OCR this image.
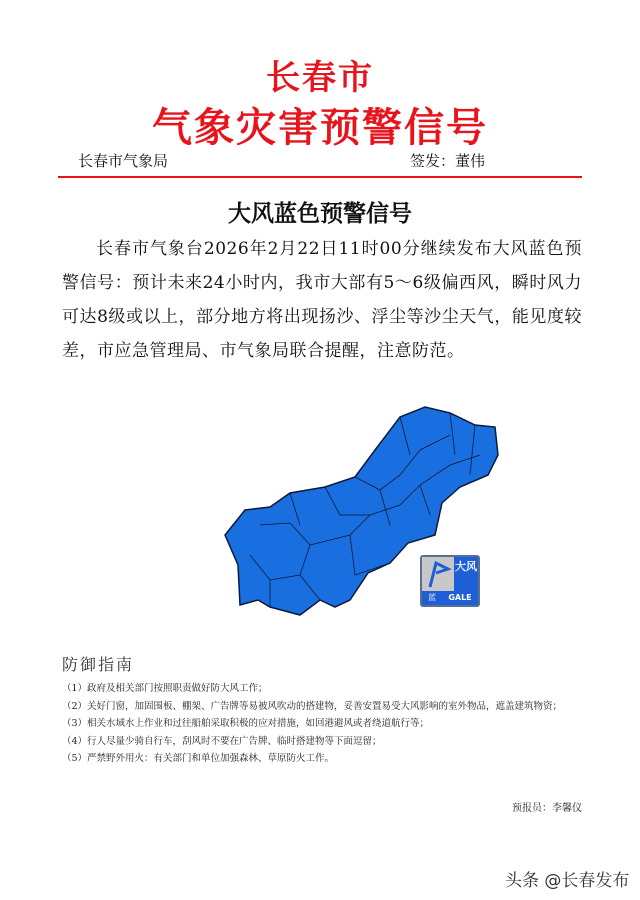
长春市
气象灾害预警信号
长春市气象局	签发：董伟
大风蓝色预警信号
长春市气象台2026年2月22日11时00分继续发布大风蓝色预警信号：预计未来24小时内，我市大部有5～6级偏西风，瞬时风力可达8级或以上，部分地方将出现扬沙、浮尘等沙尘天气，能见度较差，市应急管理局、市气象局联合提醒，注意防范。
大风
蓝	GALE
防御指南
（1）政府及相关部门按照职责做好防大风工作；
（2）关好门窗，加固围板、棚架、广告牌等易被风吹动的搭建物，妥善安置易受大风影响的室外物品，遮盖建筑物资；
（3）相关水域水上作业和过往船舶采取积极的应对措施，如回港避风或者绕道航行等；
（4）行人尽量少骑自行车，刮风时不要在广告牌、临时搭建物等下面逗留；
（5）严禁野外用火：有关部门和单位加强森林、草原防火工作。
预报员：李馨仪
头条 @长春发布
